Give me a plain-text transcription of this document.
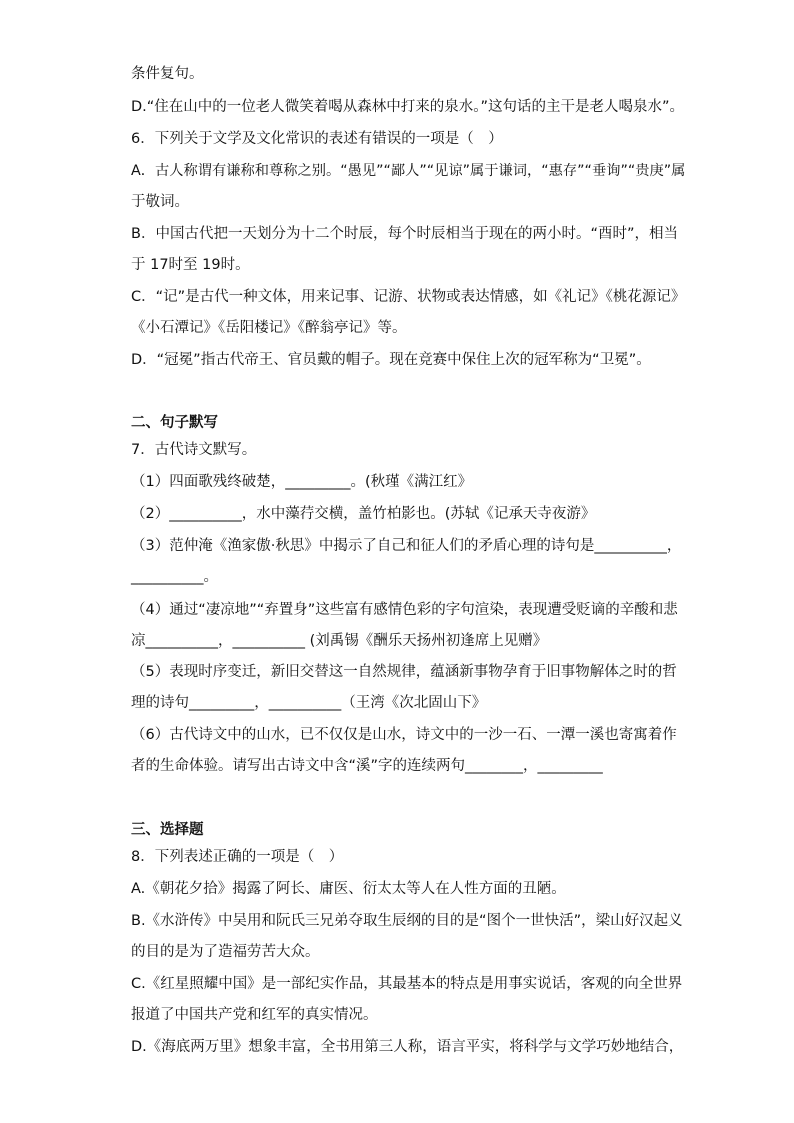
条件复句。
D.“住在山中的一位老人微笑着喝从森林中打来的泉水。”这句话的主干是老人喝泉水”。
6．下列关于文学及文化常识的表述有错误的一项是（　）
A．古人称谓有谦称和尊称之别。“愚见”“鄙人”“见谅”属于谦词，“惠存”“垂询”“贵庚”属
于敬词。
B．中国古代把一天划分为十二个时辰，每个时辰相当于现在的两小时。“酉时”，相当
于 17时至 19时。
C．“记”是古代一种文体，用来记事、记游、状物或表达情感，如《礼记》《桃花源记》
《小石潭记》《岳阳楼记》《醉翁亭记》等。
D．“冠冕”指古代帝王、官员戴的帽子。现在竞赛中保住上次的冠军称为“卫冕”。
二、句子默写
7．古代诗文默写。
（1）四面歌残终破楚，_________。(秋瑾《满江红》
（2）__________，水中藻荇交横，盖竹柏影也。(苏轼《记承天寺夜游》
（3）范仲淹《渔家傲·秋思》中揭示了自己和征人们的矛盾心理的诗句是__________，
__________。
（4）通过“凄凉地”“弃置身”这些富有感情色彩的字句渲染，表现遭受贬谪的辛酸和悲
凉__________，__________ (刘禹锡《酬乐天扬州初逢席上见赠》
（5）表现时序变迁，新旧交替这一自然规律，蕴涵新事物孕育于旧事物解体之时的哲
理的诗句_________，__________（王湾《次北固山下》
（6）古代诗文中的山水，已不仅仅是山水，诗文中的一沙一石、一潭一溪也寄寓着作
者的生命体验。请写出古诗文中含“溪”字的连续两句________，_________
三、选择题
8．下列表述正确的一项是（　）
A.《朝花夕拾》揭露了阿长、庸医、衍太太等人在人性方面的丑陋。
B.《水浒传》中吴用和阮氏三兄弟夺取生辰纲的目的是“图个一世快活”，梁山好汉起义
的目的是为了造福劳苦大众。
C.《红星照耀中国》是一部纪实作品，其最基本的特点是用事实说话，客观的向全世界
报道了中国共产党和红军的真实情况。
D.《海底两万里》想象丰富，全书用第三人称，语言平实，将科学与文学巧妙地结合，
